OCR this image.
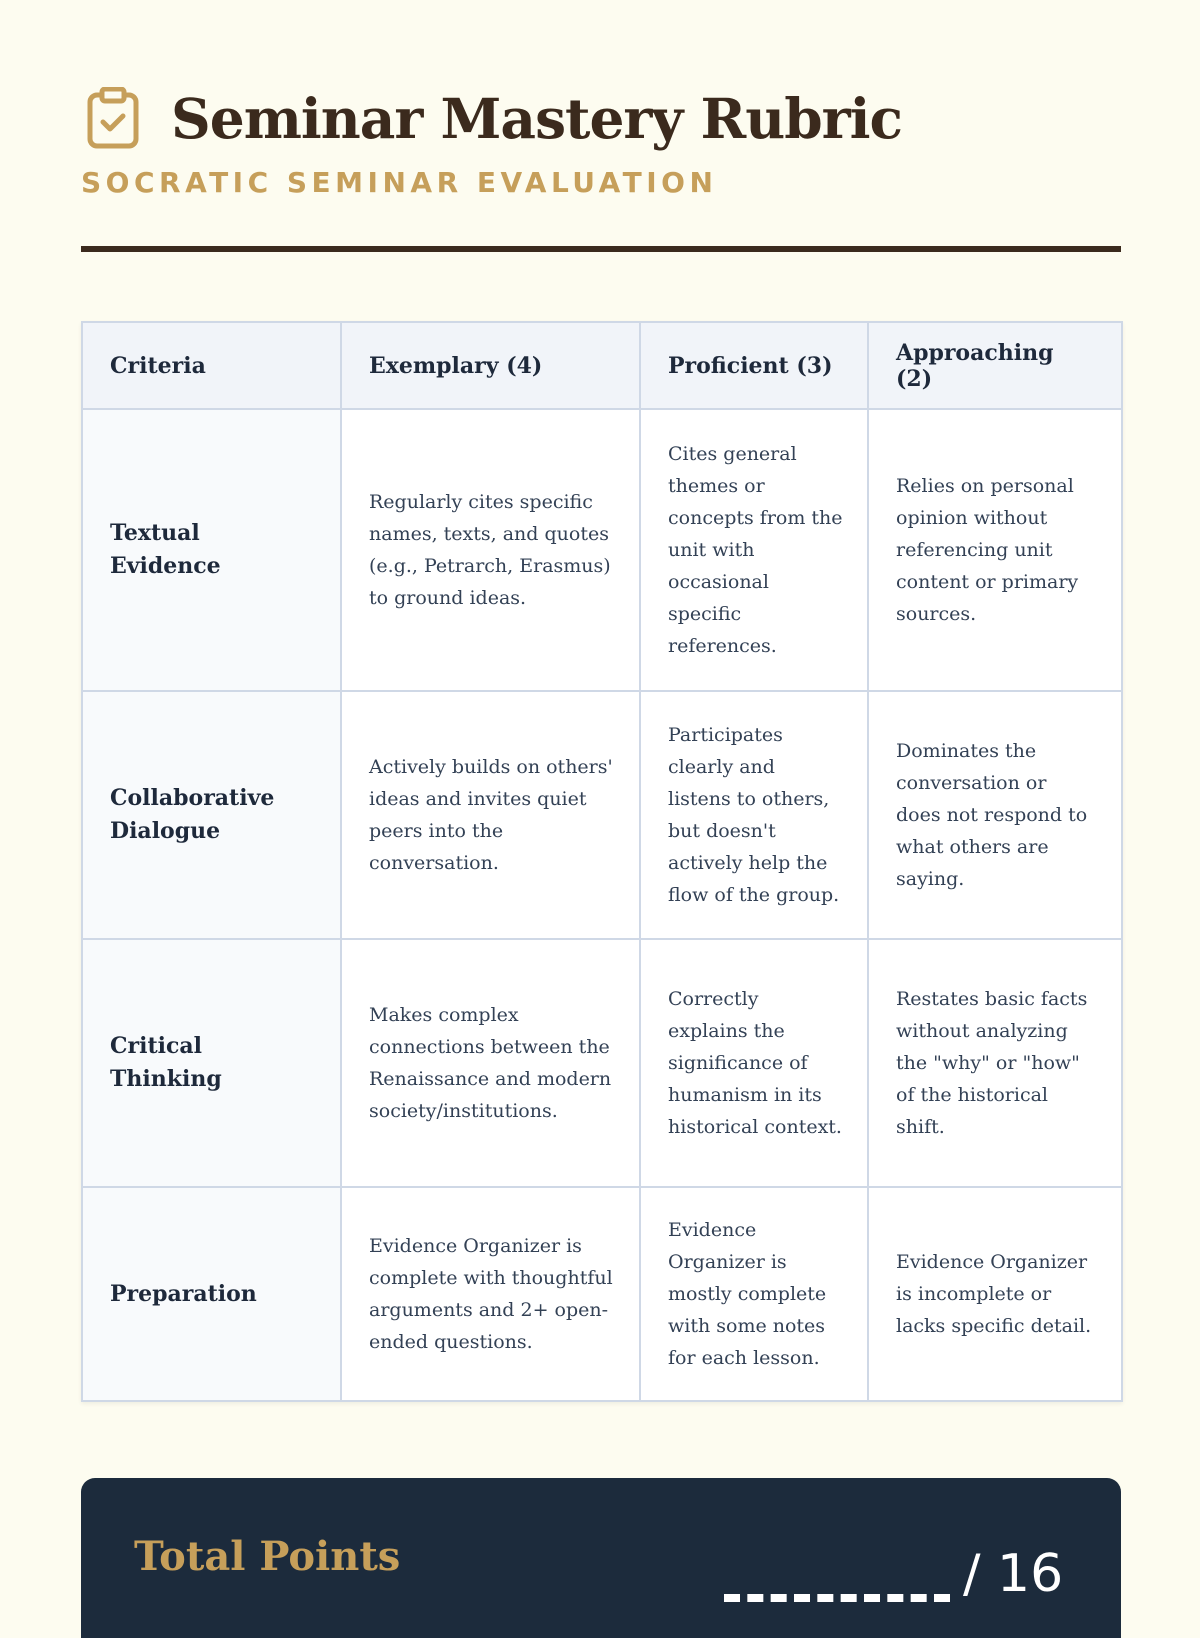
Seminar Mastery Rubric
SOCRATIC SEMINAR EVALUATION
Criteria	Exemplary (4)	Proficient (3)	Approaching (2)
Textual Evidence	Regularly cites specific names, texts, and quotes (e.g., Petrarch, Erasmus) to ground ideas.	Cites general themes or concepts from the unit with occasional specific references.	Relies on personal opinion without referencing unit content or primary sources.
Collaborative Dialogue	Actively builds on others' ideas and invites quiet peers into the conversation.	Participates clearly and listens to others, but doesn't actively help the flow of the group.	Dominates the conversation or does not respond to what others are saying.
Critical Thinking	Makes complex connections between the Renaissance and modern society/institutions.	Correctly explains the significance of humanism in its historical context.	Restates basic facts without analyzing the "why" or "how" of the historical shift.
Preparation	Evidence Organizer is complete with thoughtful arguments and 2+ open-ended questions.	Evidence Organizer is mostly complete with some notes for each lesson.	Evidence Organizer is incomplete or lacks specific detail.
Total Points	/ 16
